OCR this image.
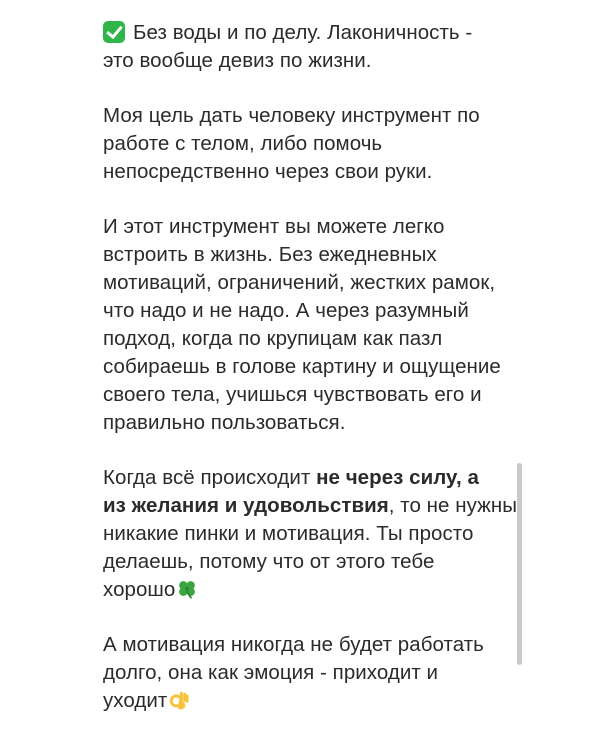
Без воды и по делу. Лаконичность -
это вообще девиз по жизни.

Моя цель дать человеку инструмент по
работе с телом, либо помочь
непосредственно через свои руки.

И этот инструмент вы можете легко
встроить в жизнь. Без ежедневных
мотиваций, ограничений, жестких рамок,
что надо и не надо. А через разумный
подход, когда по крупицам как пазл
собираешь в голове картину и ощущение
своего тела, учишься чувствовать его и
правильно пользоваться.

Когда всё происходит не через силу, а
из желания и удовольствия, то не нужны
никакие пинки и мотивация. Ты просто
делаешь, потому что от этого тебе
хорошо

А мотивация никогда не будет работать
долго, она как эмоция - приходит и
уходит
